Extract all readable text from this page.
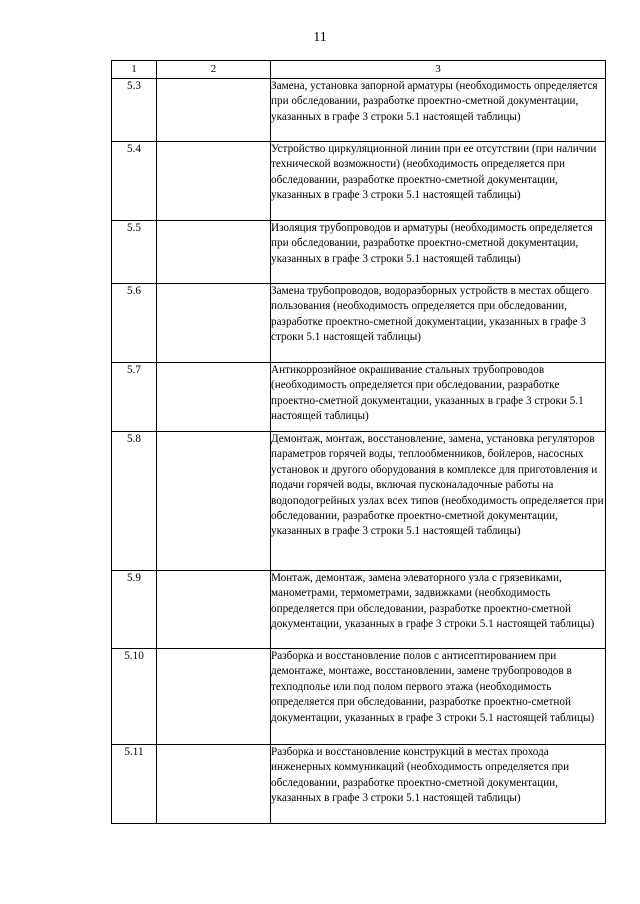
11
1	2	3
5.3		Замена, установка запорной арматуры (необходимость определяется при обследовании, разработке проектно-сметной документации, указанных в графе 3 строки 5.1 настоящей таблицы)
5.4		Устройство циркуляционной линии при ее отсутствии (при наличии технической возможности) (необходимость определяется при обследовании, разработке проектно-сметной документации, указанных в графе 3 строки 5.1 настоящей таблицы)
5.5		Изоляция трубопроводов и арматуры (необходимость определяется при обследовании, разработке проектно-сметной документации, указанных в графе 3 строки 5.1 настоящей таблицы)
5.6		Замена трубопроводов, водоразборных устройств в местах общего пользования (необходимость определяется при обследовании, разработке проектно-сметной документации, указанных в графе 3 строки 5.1 настоящей таблицы)
5.7		Антикоррозийное окрашивание стальных трубопроводов (необходимость определяется при обследовании, разработке проектно-сметной документации, указанных в графе 3 строки 5.1 настоящей таблицы)
5.8		Демонтаж, монтаж, восстановление, замена, установка регуляторов параметров горячей воды, теплообменников, бойлеров, насосных установок и другого оборудования в комплексе для приготовления и подачи горячей воды, включая пусконаладочные работы на водоподогрейных узлах всех типов (необходимость определяется при обследовании, разработке проектно-сметной документации, указанных в графе 3 строки 5.1 настоящей таблицы)
5.9		Монтаж, демонтаж, замена элеваторного узла с грязевиками, манометрами, термометрами, задвижками (необходимость определяется при обследовании, разработке проектно-сметной документации, указанных в графе 3 строки 5.1 настоящей таблицы)
5.10		Разборка и восстановление полов с антисептированием при демонтаже, монтаже, восстановлении, замене трубопроводов в техподполье или под полом первого этажа (необходимость определяется при обследовании, разработке проектно-сметной документации, указанных в графе 3 строки 5.1 настоящей таблицы)
5.11		Разборка и восстановление конструкций в местах прохода инженерных коммуникаций (необходимость определяется при обследовании, разработке проектно-сметной документации, указанных в графе 3 строки 5.1 настоящей таблицы)
